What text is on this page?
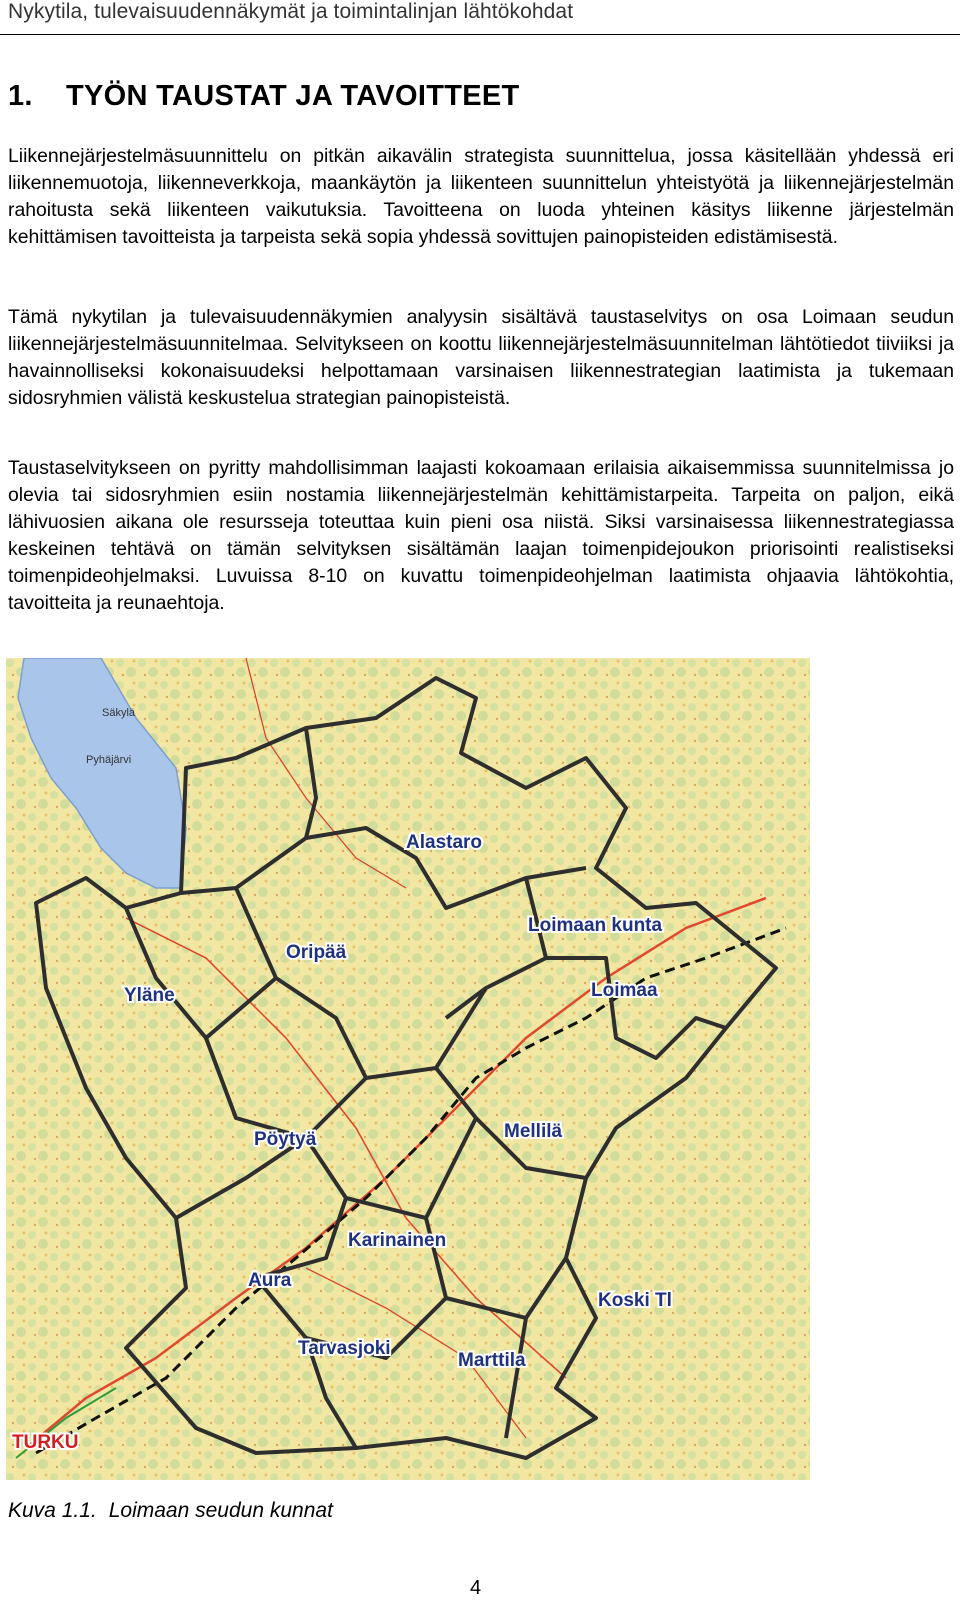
Nykytila, tulevaisuudennäkymät ja toimintalinjan lähtökohdat
1. TYÖN TAUSTAT JA TAVOITTEET

Liikennejärjestelmäsuunnittelu on pitkän aikavälin strategista suunnittelua, jossa käsitellään yhdessä eri liikennemuotoja, liikenneverkkoja, maankäytön ja liikenteen suunnittelun yhteistyötä ja liikennejärjestelmän rahoitusta sekä liikenteen vaikutuksia. Tavoitteena on luoda yhteinen käsitys liikenne järjestelmän kehittämisen tavoitteista ja tarpeista sekä sopia yhdessä sovittujen painopisteiden edistämisestä.

Tämä nykytilan ja tulevaisuudennäkymien analyysin sisältävä taustaselvitys on osa Loimaan seudun liikennejärjestelmäsuunnitelmaa. Selvitykseen on koottu liikennejärjestelmäsuunnitelman lähtötiedot tiiviiksi ja havainnolliseksi kokonaisuudeksi helpottamaan varsinaisen liikennestrategian laatimista ja tukemaan sidosryhmien välistä keskustelua strategian painopisteistä.

Taustaselvitykseen on pyritty mahdollisimman laajasti kokoamaan erilaisia aikaisemmissa suunnitelmissa jo olevia tai sidosryhmien esiin nostamia liikennejärjestelmän kehittämistarpeita. Tarpeita on paljon, eikä lähivuosien aikana ole resursseja toteuttaa kuin pieni osa niistä. Siksi varsinaisessa liikennestrategiassa keskeinen tehtävä on tämän selvityksen sisältämän laajan toimenpidejoukon priorisointi realistiseksi toimenpideohjelmaksi. Luvuissa 8-10 on kuvattu toimenpideohjelman laatimista ohjaavia lähtökohtia, tavoitteita ja reunaehtoja.

Säkylä
Pyhäjärvi
Alastaro
Loimaan kunta
Oripää
Loimaa
Yläne
Mellilä
Pöytyä
Karinainen
Aura
Koski Tl
Tarvasjoki
Marttila
TURKU
Kuva 1.1. Loimaan seudun kunnat
4
